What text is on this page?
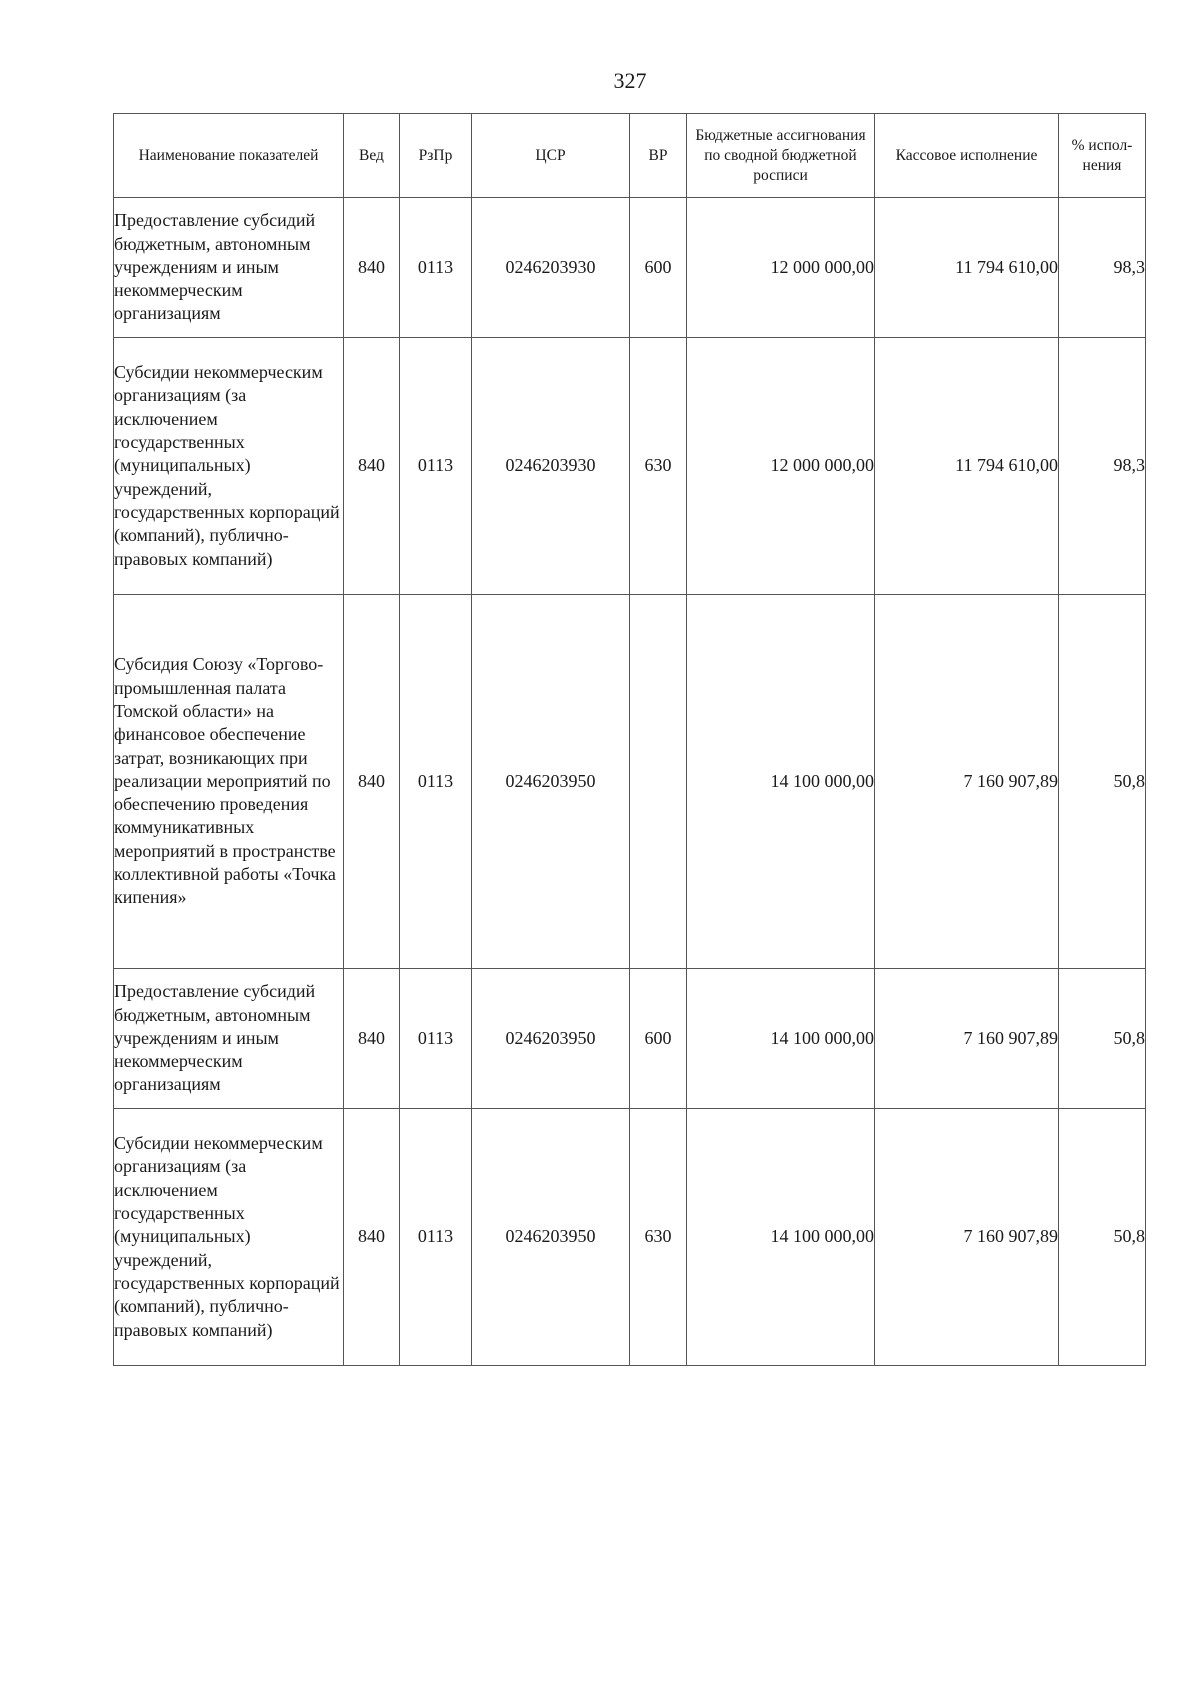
327
Наименование показателей	Вед	РзПр	ЦСР	ВР	Бюджетные ассигнования по сводной бюджетной росписи	Кассовое исполнение	% испол-нения
Предоставление субсидий бюджетным, автономным учреждениям и иным некоммерческим организациям	840	0113	0246203930	600	12 000 000,00	11 794 610,00	98,3
Субсидии некоммерческим организациям (за исключением государственных (муниципальных) учреждений, государственных корпораций (компаний), публично-правовых компаний)	840	0113	0246203930	630	12 000 000,00	11 794 610,00	98,3
Субсидия Союзу «Торгово-промышленная палата Томской области» на финансовое обеспечение затрат, возникающих при реализации мероприятий по обеспечению проведения коммуникативных мероприятий в пространстве коллективной работы «Точка кипения»	840	0113	0246203950		14 100 000,00	7 160 907,89	50,8
Предоставление субсидий бюджетным, автономным учреждениям и иным некоммерческим организациям	840	0113	0246203950	600	14 100 000,00	7 160 907,89	50,8
Субсидии некоммерческим организациям (за исключением государственных (муниципальных) учреждений, государственных корпораций (компаний), публично-правовых компаний)	840	0113	0246203950	630	14 100 000,00	7 160 907,89	50,8
